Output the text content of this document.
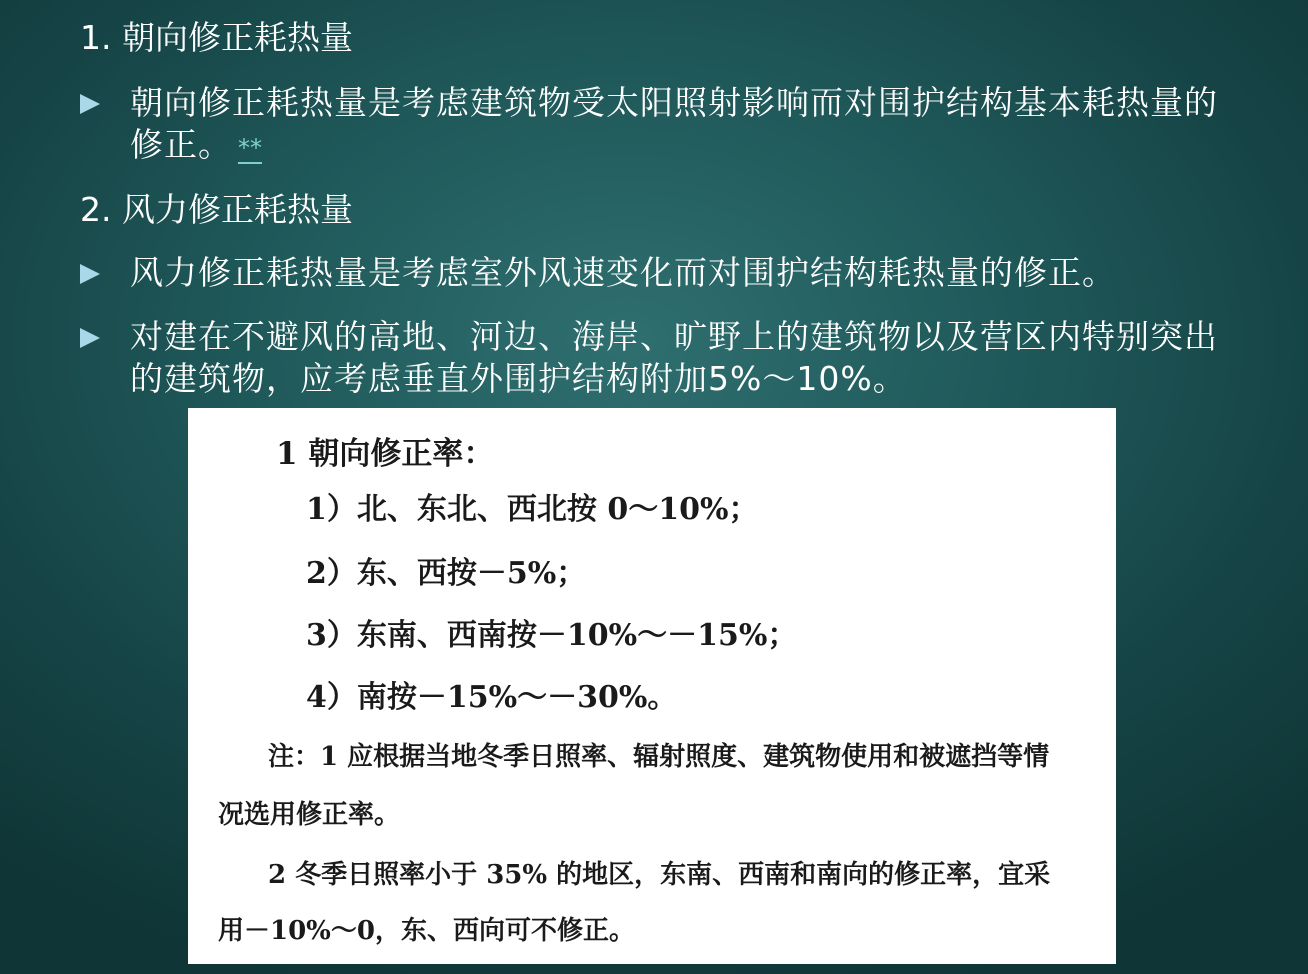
1. 朝向修正耗热量
朝向修正耗热量是考虑建筑物受太阳照射影响而对围护结构基本耗热量的修正。 **
2. 风力修正耗热量
风力修正耗热量是考虑室外风速变化而对围护结构耗热量的修正。
对建在不避风的高地、河边、海岸、旷野上的建筑物以及营区内特别突出的建筑物，应考虑垂直外围护结构附加5%～10%。
1 朝向修正率：
1）北、东北、西北按 0～10%；
2）东、西按－5%；
3）东南、西南按－10%～－15%；
4）南按－15%～－30%。
注：1 应根据当地冬季日照率、辐射照度、建筑物使用和被遮挡等情
况选用修正率。
2 冬季日照率小于 35% 的地区，东南、西南和南向的修正率，宜采
用－10%～0，东、西向可不修正。
